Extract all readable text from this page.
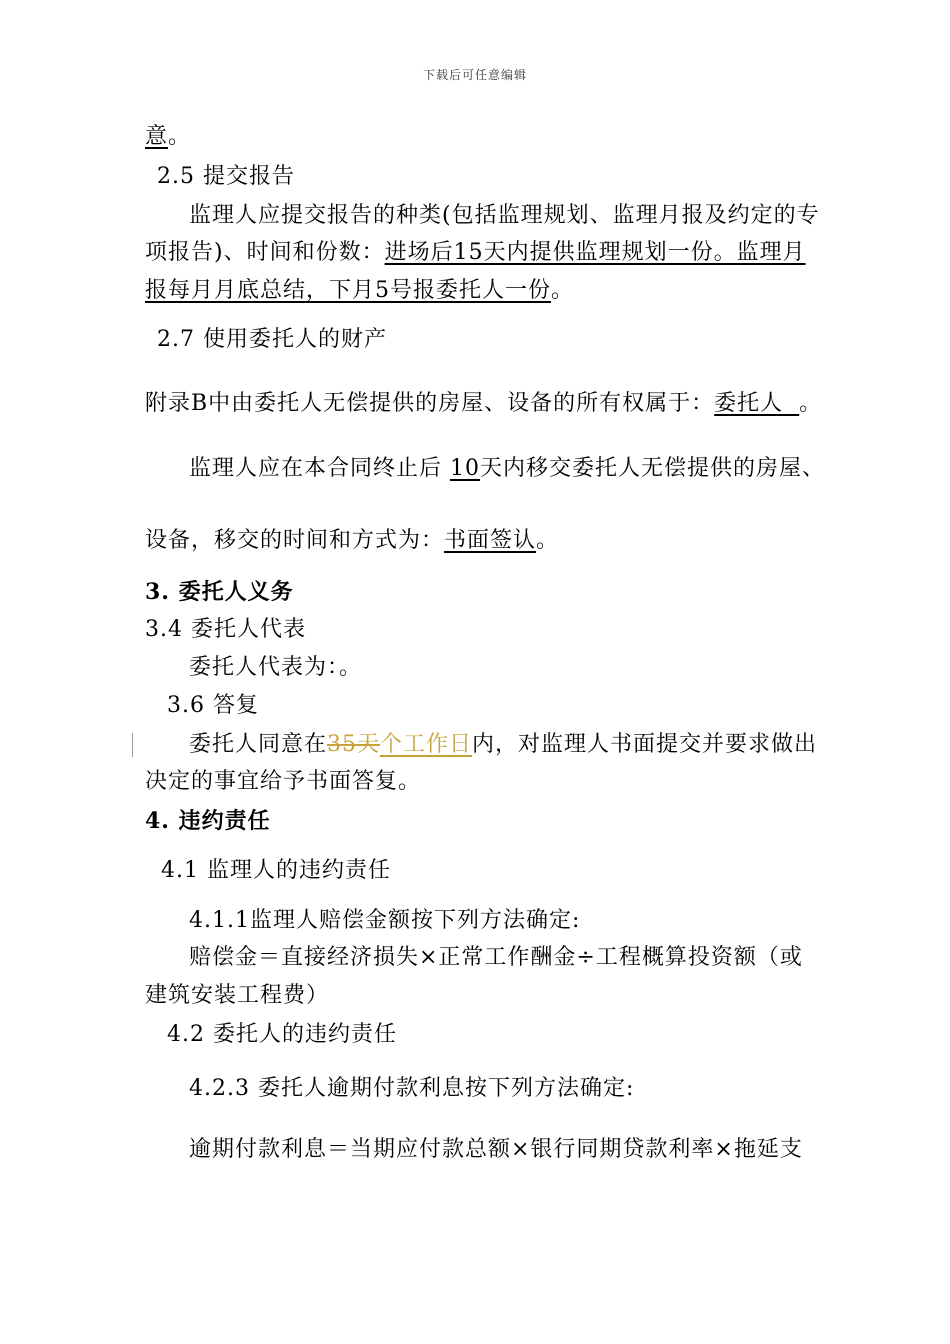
下载后可任意编辑
意。
2.5 提交报告
监理人应提交报告的种类(包括监理规划、监理月报及约定的专
项报告)、时间和份数：进场后15天内提供监理规划一份。监理月
报每月月底总结，下月5号报委托人一份。
2.7 使用委托人的财产
附录B中由委托人无偿提供的房屋、设备的所有权属于：委托人  。
监理人应在本合同终止后 10天内移交委托人无偿提供的房屋、
设备，移交的时间和方式为：书面签认。
3. 委托人义务
3.4 委托人代表
委托人代表为：。
3.6 答复
委托人同意在35天个工作日内，对监理人书面提交并要求做出
决定的事宜给予书面答复。
4. 违约责任
4.1 监理人的违约责任
4.1.1监理人赔偿金额按下列方法确定:
赔偿金＝直接经济损失×正常工作酬金÷工程概算投资额（或
建筑安装工程费）
4.2 委托人的违约责任
4.2.3 委托人逾期付款利息按下列方法确定:
逾期付款利息＝当期应付款总额×银行同期贷款利率×拖延支
